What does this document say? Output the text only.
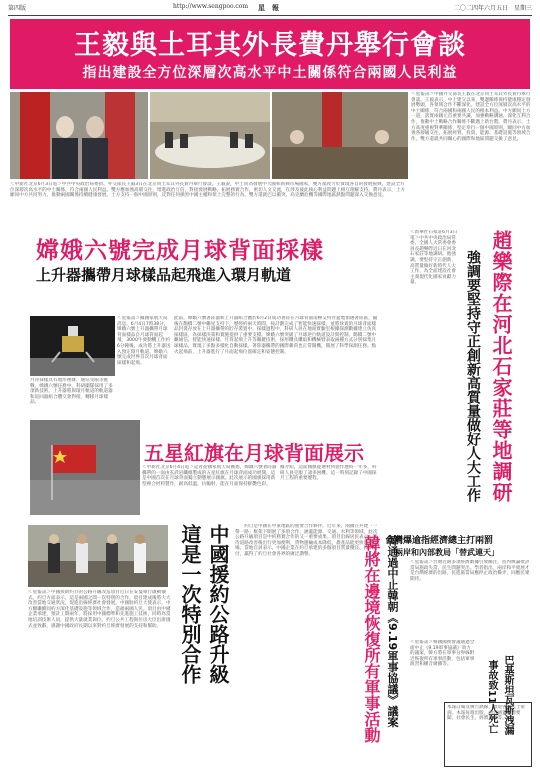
第四版	http://www.sengpoo.com 星　報	二〇二四年六月五日　星期三
王毅與土耳其外長費丹舉行會談
指出建設全方位深層次高水平中土關係符合兩國人民利益
＜星報訊＞中國外交部長王毅在北京同土耳其外長費丹舉行會談。王毅表示，中土建交以來，雙邊關係保持健康穩定發展勢頭，各領域合作不斷深化。建設全方位深層次高水平的中土關係，符合兩國和兩國人民的根本利益。中方願同土方一道，落實兩國元首重要共識，加強戰略溝通，深化互利合作，推動中土戰略合作關係不斷邁上新台階。費丹表示，土方高度重視對華關係，堅定奉行一個中國原則，願同中方加強各層級交往，拓展經貿、投資、能源、基礎設施等領域合作。雙方還就共同關心的國際和地區問題交換了意見。
＜中新社北京6月3日電＞中共中央政治局委員、外交部長王毅3日在北京同土耳其外長費丹舉行會談。王毅說，中土同為發展中大國和新興市場國家，雙方都致力於實現各自的發展振興，建設全方位深層次高水平的中土關係，符合兩國人民利益。雙方應加強高層交往，增進政治互信，對接發展戰略，拓展務實合作，密切人文交流，在涉及彼此核心利益問題上相互理解支持。費丹表示，土方願同中方共同努力，推動兩國關係持續健康發展。土方支持一個中國原則，反對任何損害中國主權和領土完整的行為。雙方還就巴以衝突、烏克蘭危機等國際地區熱點問題深入交換意見。
嫦娥六號完成月球背面採樣
上升器攜帶月球樣品起飛進入環月軌道
＜星報訊＞據國家航天局消息，6月4日7時38分，嫦娥六號上升器攜帶月球背面樣品自月球背面起飛，3000牛發動機工作約6分鐘後，成功將上升器送入預定環月軌道。嫦娥六號完成世界首次月球背面採樣和起飛。
此前，嫦娥六號著陸器和上升器組合體於6月2日成功著陸在月球背面南極艾特肯盆地預選著陸區，隨後在鵲橋二號中繼星支持下，歷經約兩天時間，按計劃完成了智能快速採樣，並將珍貴的月球背面樣品封裝存放在上升器攜帶的貯存裝置中。採樣過程中，科研人員在地面實驗室根據探測數據建立仿真採樣區，為採樣決策和實施提供了重要支撐。嫦娥六號突破了月球逆行軌道設計與控制、鵲橋二號中繼通信、智能快速採樣、月背起飛上升等關鍵技術，採用鑽具鑽取和機械臂表取兩種方式分別採集月球樣品，實現了多點多樣化自動採樣。著陸器攜帶的國際載荷也正常開機，開展了科學探測任務。點火起飛前，上升器進行了月面起飛位置確定和姿態控制。
月背採樣具有地形複雜、通信受限等挑戰，嫦娥六號任務中，科研團隊採用了多項新技術。上升器將與環月軌道的軌道器和返回器組合體交會對接，轉移月球樣品。
五星紅旗在月球背面展示
＜中新社北京6月4日電＞記者從國家航天局獲悉，嫦娥六號著陸器攜帶的一面由玄武岩纖維製成的五星紅旗在月球背面成功展開，這是中國首次在月球背面獨立動態展示國旗。此次展示的國旗採用新型複合材料製作，耐高低溫，抗輻射，能在月面保持鮮艷色彩。
據介紹，這面國旗從選材到製作歷時一年多，科研人員克服了諸多困難。這一時刻記錄了中國探月工程的重要歷程。
中國援約公路升級
這是一次特別合作
＜星報訊＞中國援助約旦的公路升級改造項目近日在安曼舉行啟動儀式。約旦方面表示，這是兩國之間一次特別的合作，項目建成後將大大改善當地交通狀況，促進沿線經濟社會發展。中國駐約旦大使表示，中方願繼續同約方深化基礎設施等領域合作，造福兩國人民。項目由中國企業承建，預計工期兩年，將採用中國標準和先進施工技術，同時為當地培訓技術人員，提供大量就業崗位。約旦公共工程與住房大臣出席儀式並致辭，感謝中國政府長期以來對約旦經濟發展的支持和幫助。
　　約旦是中國在中東地區的重要合作夥伴。近年來，兩國在共建「一帶一路」框架下開展了多項合作，涵蓋能源、交通、水利等領域。此次公路升級項目是中約務實合作的又一重要成果。項目沿線居民表示，期待道路改善後出行更加便利，貨物運輸成本降低，農產品能更快送達市場。當地官員表示，中國企業在約旦承建的多個項目質量優良、按期交付，贏得了約旦社會各界的廣泛讚譽。
＜新華社石家莊6月3日電＞中共中央政治局常委、全國人大常委會委員長趙樂際近日在河北石家莊等地調研。他強調，要堅持守正創新，高質量做好新時代人大工作，為全面建設社會主義現代化國家貢獻力量。	趙樂際在河北石家莊等地調研
強調要堅持守正創新高質量做好人大工作
台灣爆逾指經濟總主打兩罰
兩岸和內部教局「替武連天」
＜星報訊＞台灣近期多項經濟數據引發關注，島內輿論批評當局施政失當，民生問題突出。學者指出，兩岸和平發展才是台灣經濟的出路，民進黨當局應停止政治操弄，回應民眾期待。
韓通過中止韓朝《9.19軍事協議》議案
韓將在邊境恢復所有軍事活動	＜星報訊＞韓國國務會議通過全面中止《9.19軍事協議》效力的議案，韓方將在軍事分界線附近恢復所有軍事活動，包括軍事演習和擴音廣播等。	巴基斯坦瓦斯洩漏
事故致11人死亡
本報訂閱及廣告熱線，歡迎各界人士垂詢。本報每週出版，內容涵蓋國際要聞、社會民生、經濟資訊等。
